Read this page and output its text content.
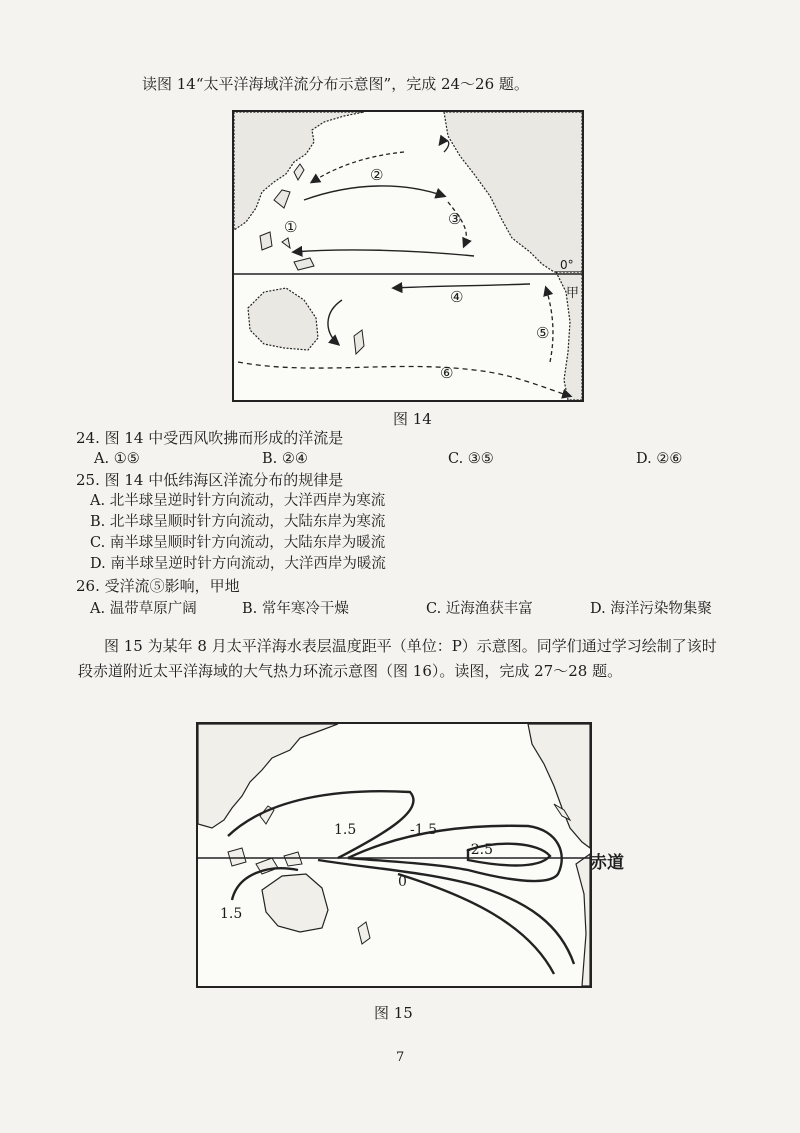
读图 14“太平洋海域洋流分布示意图”，完成 24～26 题。
①
②
③
④
⑤
⑥
0°
甲
图 14
24. 图 14 中受西风吹拂而形成的洋流是
A. ①⑤	B. ②④	C. ③⑤	D. ②⑥
25. 图 14 中低纬海区洋流分布的规律是
A. 北半球呈逆时针方向流动，大洋西岸为寒流
B. 北半球呈顺时针方向流动，大陆东岸为寒流
C. 南半球呈顺时针方向流动，大陆东岸为暖流
D. 南半球呈逆时针方向流动，大洋西岸为暖流
26. 受洋流⑤影响，甲地
A. 温带草原广阔	B. 常年寒冷干燥	C. 近海渔获丰富	D. 海洋污染物集聚
图 15 为某年 8 月太平洋海水表层温度距平（单位：P）示意图。同学们通过学习绘制了该时段赤道附近太平洋海域的大气热力环流示意图（图 16）。读图，完成 27～28 题。
1.5	-1.5
-2.5
0
1.5
赤道
图 15
7
